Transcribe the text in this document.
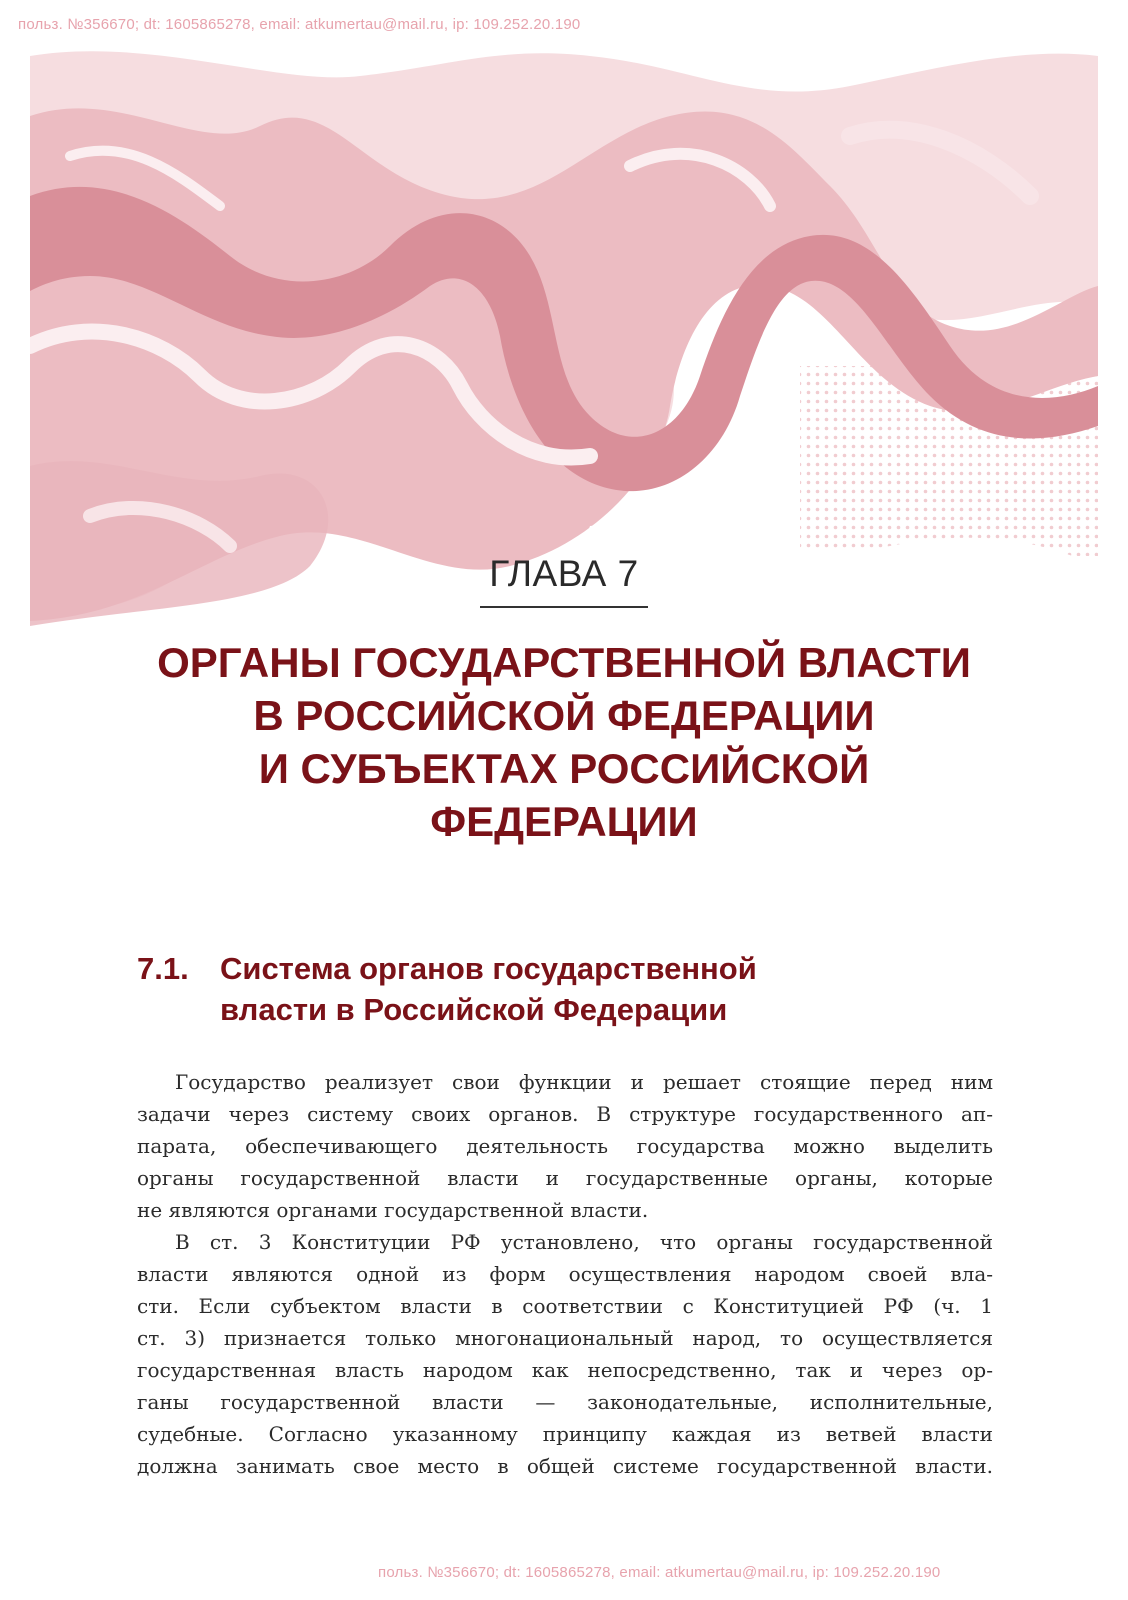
польз. №356670; dt: 1605865278, email: atkumertau@mail.ru, ip: 109.252.20.190
ГЛАВА 7
ОРГАНЫ ГОСУДАРСТВЕННОЙ ВЛАСТИ
В РОССИЙСКОЙ ФЕДЕРАЦИИ
И СУБЪЕКТАХ РОССИЙСКОЙ
ФЕДЕРАЦИИ
7.1. Система органов государственной
власти в Российской Федерации
Государство реализует свои функции и решает стоящие перед ним
задачи через систему своих органов. В структуре государственного ап-
парата, обеспечивающего деятельность государства можно выделить
органы государственной власти и государственные органы, которые
не являются органами государственной власти.
В ст. 3 Конституции РФ установлено, что органы государственной
власти являются одной из форм осуществления народом своей вла-
сти. Если субъектом власти в соответствии с Конституцией РФ (ч. 1
ст. 3) признается только многонациональный народ, то осуществляется
государственная власть народом как непосредственно, так и через ор-
ганы государственной власти — законодательные, исполнительные,
судебные. Согласно указанному принципу каждая из ветвей власти
должна занимать свое место в общей системе государственной власти.
польз. №356670; dt: 1605865278, email: atkumertau@mail.ru, ip: 109.252.20.190
